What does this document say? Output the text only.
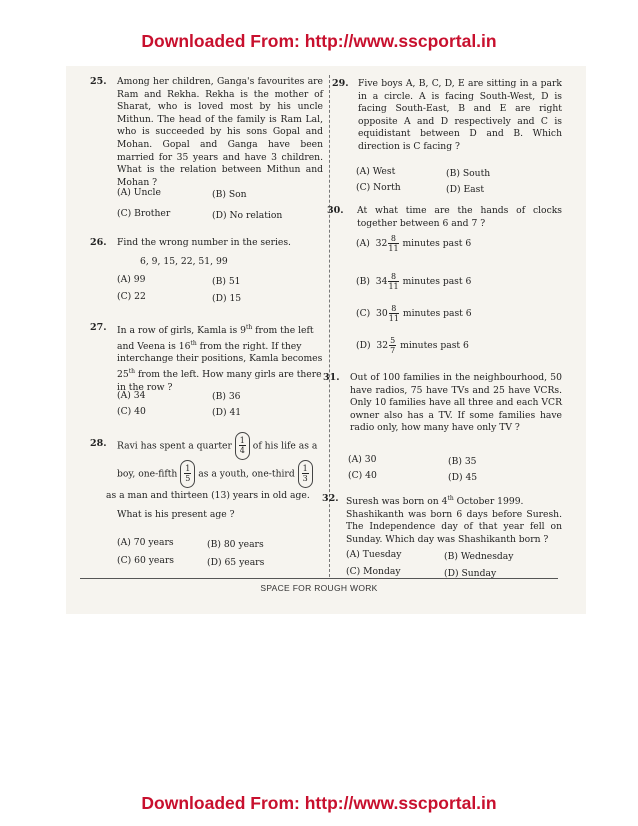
Downloaded From: http://www.sscportal.in
25. Among her children, Ganga's favourites are Ram and Rekha. Rekha is the mother of Sharat, who is loved most by his uncle Mithun. The head of the family is Ram Lal, who is succeeded by his sons Gopal and Mohan. Gopal and Ganga have been married for 35 years and have 3 children. What is the relation between Mithun and Mohan ?
(A) Uncle	(B) Son
(C) Brother	(D) No relation
26. Find the wrong number in the series.
6, 9, 15, 22, 51, 99
(A) 99	(B) 51
(C) 22	(D) 15
27. In a row of girls, Kamla is 9th from the left
and Veena is 16th from the right. If they
interchange their positions, Kamla becomes
25th from the left. How many girls are there
in the row ?
(A) 34	(B) 36
(C) 40	(D) 41
28. Ravi has spent a quarter $\frac{1}{4}$ of his life as a
boy, one-fifth $\frac{1}{5}$ as a youth, one-third $\frac{1}{3}$
as a man and thirteen (13) years in old age.
What is his present age ?
(A) 70 years	(B) 80 years
(C) 60 years	(D) 65 years
29. Five boys A, B, C, D, E are sitting in a park in a circle. A is facing South-West, D is facing South-East, B and E are right opposite A and D respectively and C is equidistant between D and B. Which direction is C facing ?
(A) West	(B) South
(C) North	(D) East
30. At what time are the hands of clocks together between 6 and 7 ?
(A) $32 \frac{8}{11}$ minutes past 6
(B) $34 \frac{8}{11}$ minutes past 6
(C) $30 \frac{8}{11}$ minutes past 6
(D) $32 \frac{5}{7}$ minutes past 6
31. Out of 100 families in the neighbourhood, 50 have radios, 75 have TVs and 25 have VCRs. Only 10 families have all three and each VCR owner also has a TV. If some families have radio only, how many have only TV ?
(A) 30	(B) 35
(C) 40	(D) 45
32. Suresh was born on 4th October 1999.
Shashikanth was born 6 days before Suresh. The Independence day of that year fell on Sunday. Which day was Shashikanth born ?
(A) Tuesday	(B) Wednesday
(C) Monday	(D) Sunday
SPACE FOR ROUGH WORK
Downloaded From: http://www.sscportal.in
